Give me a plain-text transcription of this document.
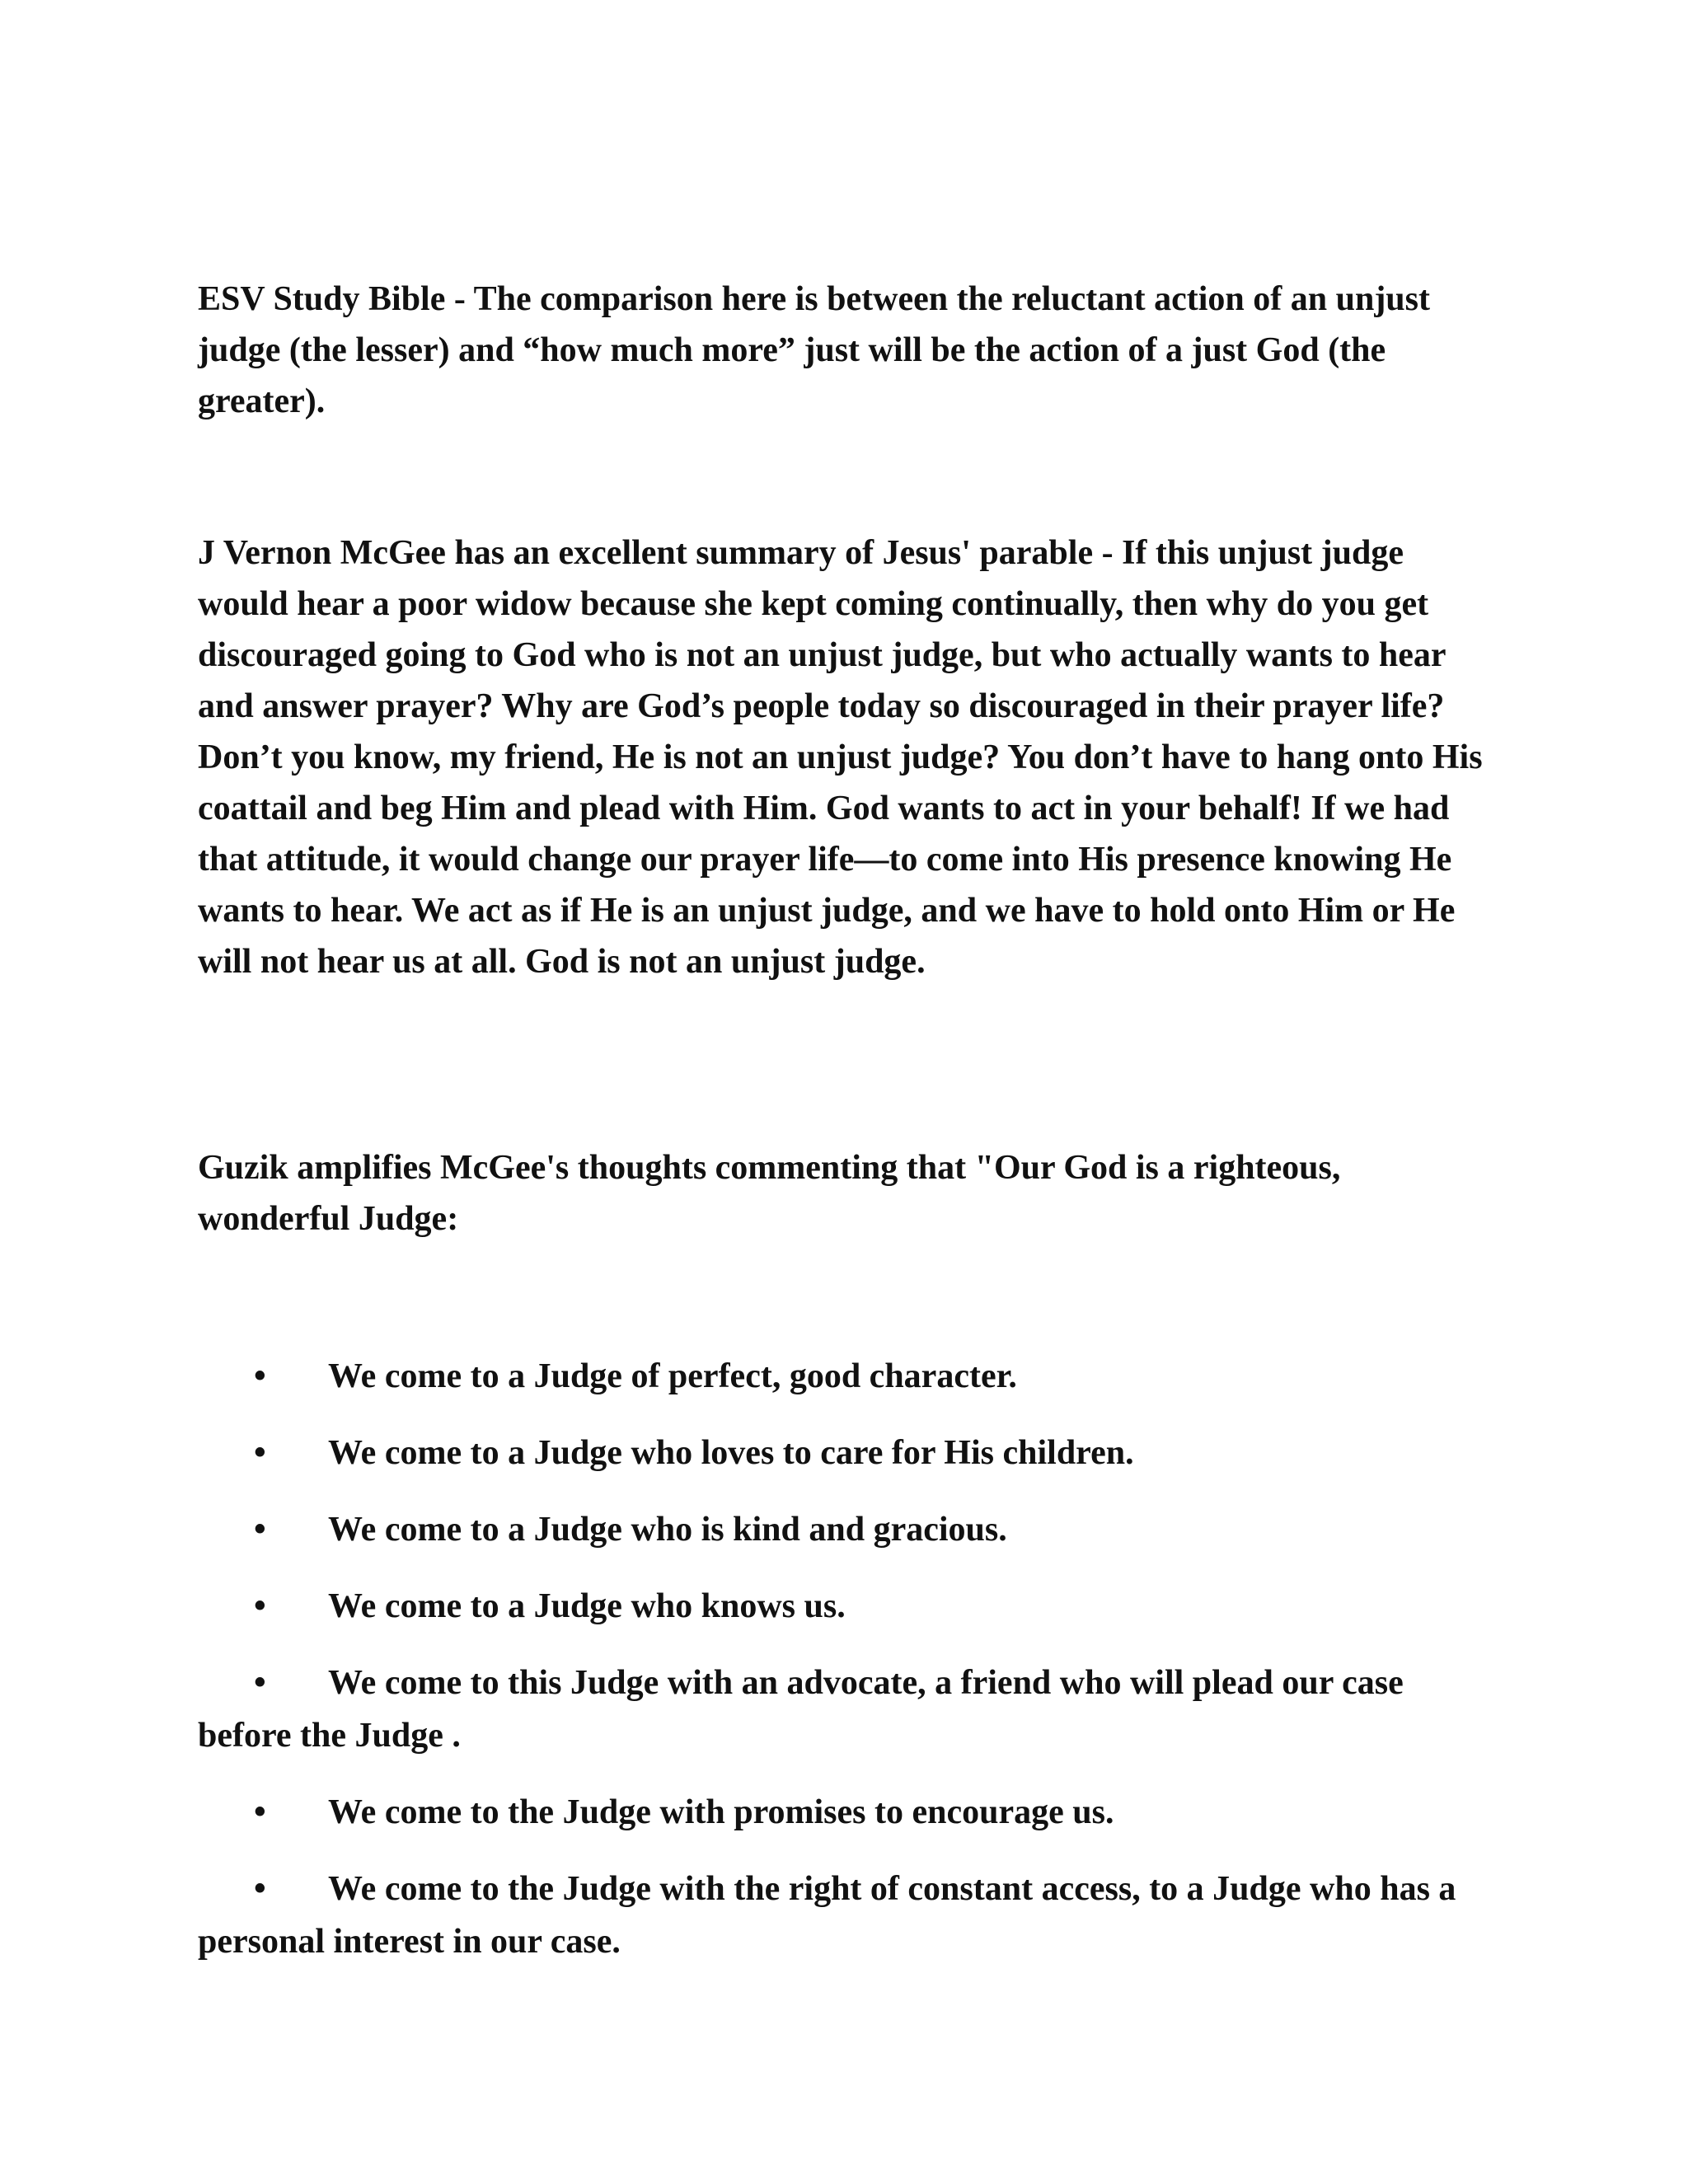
ESV Study Bible - The comparison here is between the reluctant action of an unjust judge (the lesser) and “how much more” just will be the action of a just God (the greater).

J Vernon McGee has an excellent summary of Jesus' parable - If this unjust judge would hear a poor widow because she kept coming continually, then why do you get discouraged going to God who is not an unjust judge, but who actually wants to hear and answer prayer? Why are God’s people today so discouraged in their prayer life? Don’t you know, my friend, He is not an unjust judge? You don’t have to hang onto His coattail and beg Him and plead with Him. God wants to act in your behalf! If we had that attitude, it would change our prayer life—to come into His presence knowing He wants to hear. We act as if He is an unjust judge, and we have to hold onto Him or He will not hear us at all. God is not an unjust judge.

Guzik amplifies McGee's thoughts commenting that "Our God is a righteous, wonderful Judge:

• We come to a Judge of perfect, good character.
• We come to a Judge who loves to care for His children.
• We come to a Judge who is kind and gracious.
• We come to a Judge who knows us.
• We come to this Judge with an advocate, a friend who will plead our case before the Judge .
• We come to the Judge with promises to encourage us.
• We come to the Judge with the right of constant access, to a Judge who has a personal interest in our case.
